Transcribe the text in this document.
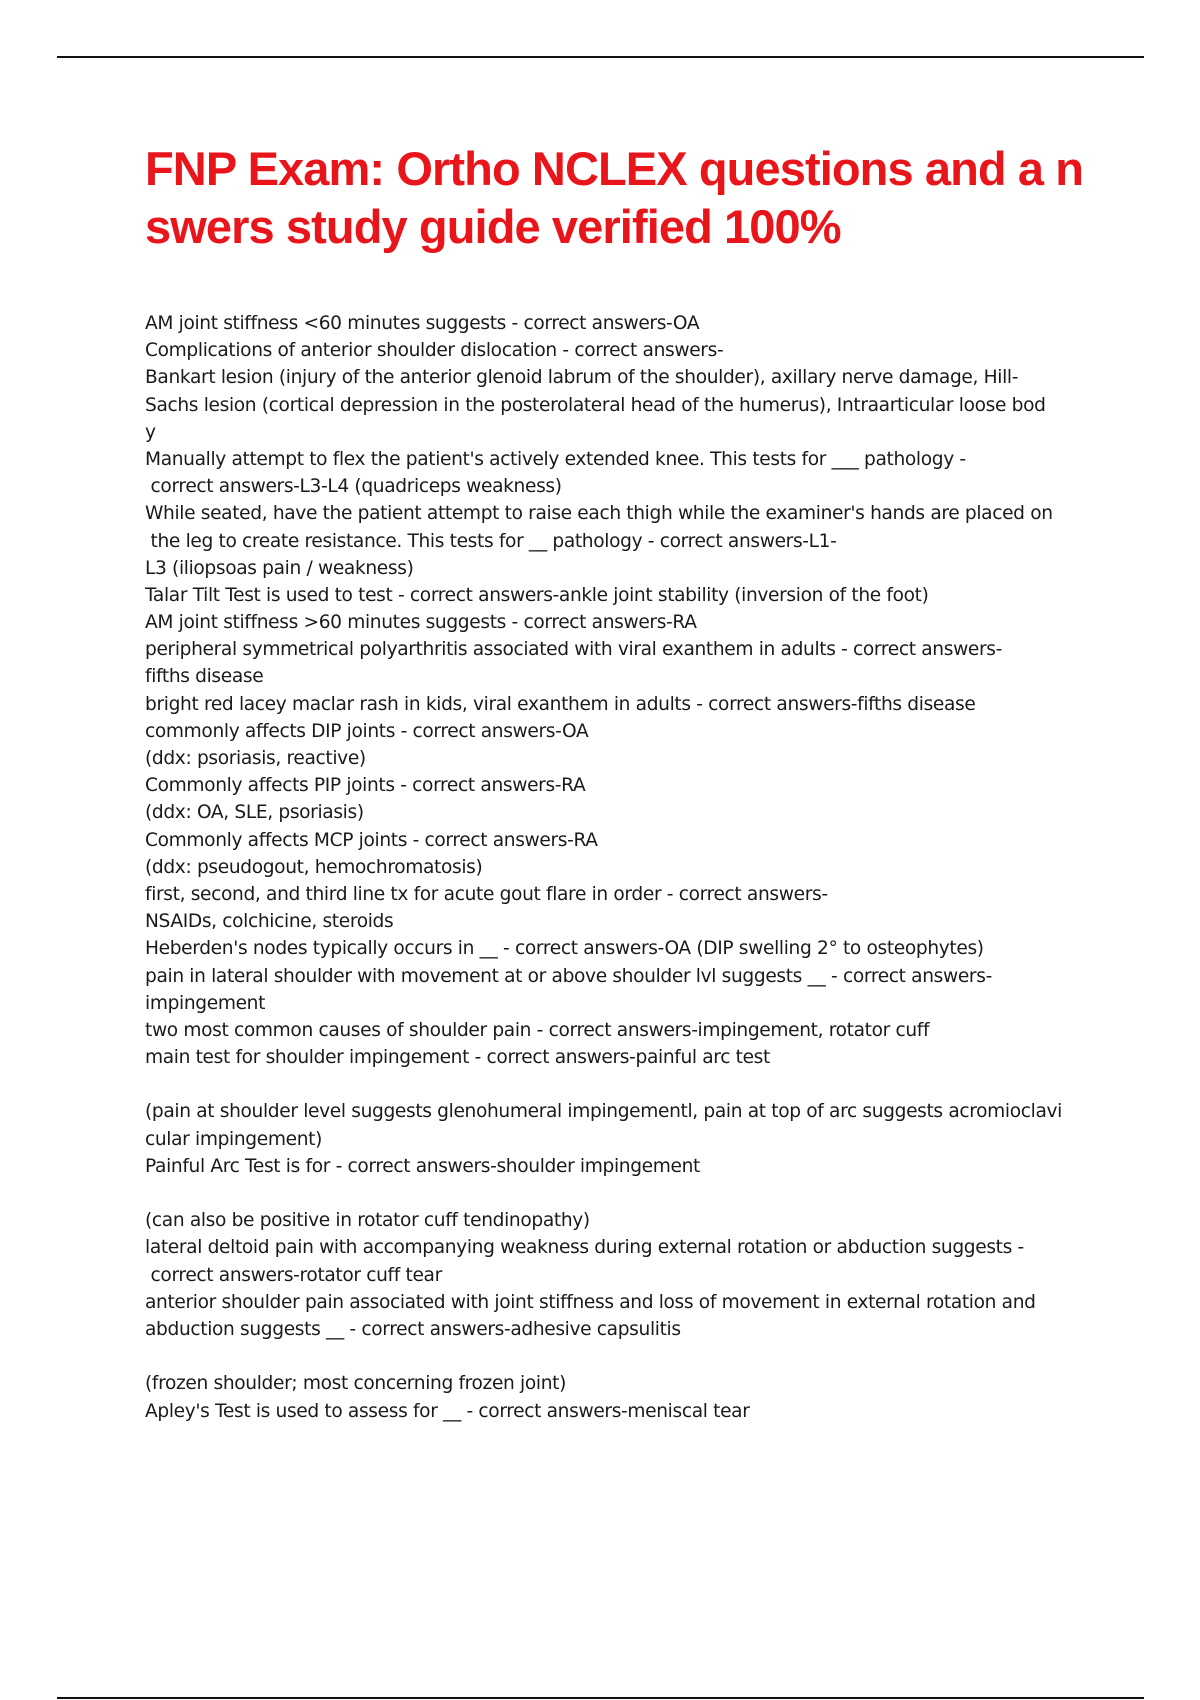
FNP Exam: Ortho NCLEX questions and a nswers study guide verified 100%
AM joint stiffness <60 minutes suggests - correct answers-OA
Complications of anterior shoulder dislocation - correct answers-
Bankart lesion (injury of the anterior glenoid labrum of the shoulder), axillary nerve damage, Hill-
Sachs lesion (cortical depression in the posterolateral head of the humerus), Intraarticular loose bod
y
Manually attempt to flex the patient's actively extended knee. This tests for ___ pathology -
correct answers-L3-L4 (quadriceps weakness)
While seated, have the patient attempt to raise each thigh while the examiner's hands are placed on
the leg to create resistance. This tests for __ pathology - correct answers-L1-
L3 (iliopsoas pain / weakness)
Talar Tilt Test is used to test - correct answers-ankle joint stability (inversion of the foot)
AM joint stiffness >60 minutes suggests - correct answers-RA
peripheral symmetrical polyarthritis associated with viral exanthem in adults - correct answers-
fifths disease
bright red lacey maclar rash in kids, viral exanthem in adults - correct answers-fifths disease
commonly affects DIP joints - correct answers-OA
(ddx: psoriasis, reactive)
Commonly affects PIP joints - correct answers-RA
(ddx: OA, SLE, psoriasis)
Commonly affects MCP joints - correct answers-RA
(ddx: pseudogout, hemochromatosis)
first, second, and third line tx for acute gout flare in order - correct answers-
NSAIDs, colchicine, steroids
Heberden's nodes typically occurs in __ - correct answers-OA (DIP swelling 2° to osteophytes)
pain in lateral shoulder with movement at or above shoulder lvl suggests __ - correct answers-
impingement
two most common causes of shoulder pain - correct answers-impingement, rotator cuff
main test for shoulder impingement - correct answers-painful arc test
(pain at shoulder level suggests glenohumeral impingementl, pain at top of arc suggests acromioclavi
cular impingement)
Painful Arc Test is for - correct answers-shoulder impingement
(can also be positive in rotator cuff tendinopathy)
lateral deltoid pain with accompanying weakness during external rotation or abduction suggests -
correct answers-rotator cuff tear
anterior shoulder pain associated with joint stiffness and loss of movement in external rotation and
abduction suggests __ - correct answers-adhesive capsulitis
(frozen shoulder; most concerning frozen joint)
Apley's Test is used to assess for __ - correct answers-meniscal tear
